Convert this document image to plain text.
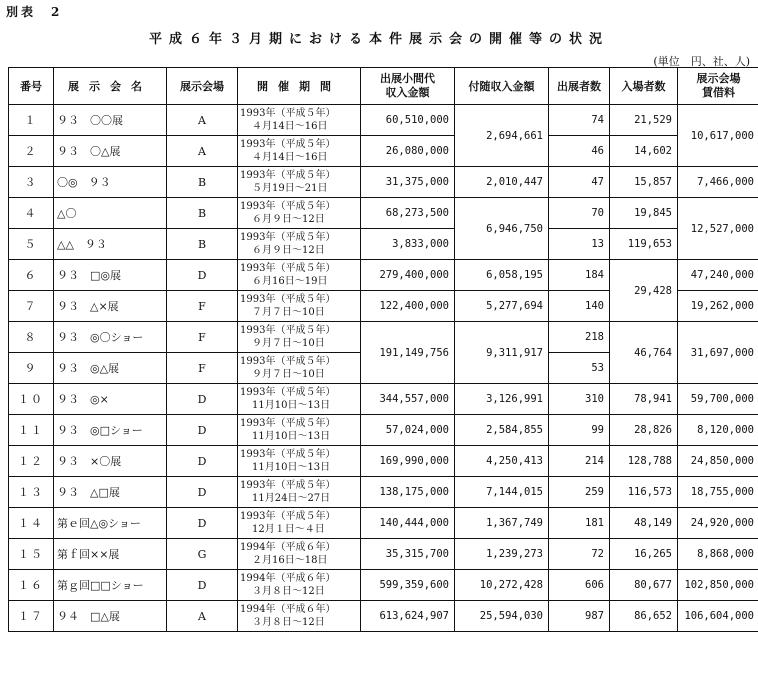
別表　2
平成６年３月期における本件展示会の開催等の状況
(単位　円、社、人)
番号	展示会名	展示会場	開催期間	出展小間代
収入金額	付随収入金額	出展者数	入場者数	展示会場
賃借料
１	９３　〇〇展	A	1993年（平成５年）
４月14日～16日	60,510,000	2,694,661	74	21,529	10,617,000
２	９３　〇△展	A	1993年（平成５年）
４月14日～16日	26,080,000		46	14,602	
３	〇◎　９３	B	1993年（平成５年）
５月19日～21日	31,375,000	2,010,447	47	15,857	7,466,000
４	△〇	B	1993年（平成５年）
６月９日～12日	68,273,500	6,946,750	70	19,845	12,527,000
５	△△　９３	B	1993年（平成５年）
６月９日～12日	3,833,000		13	119,653	
６	９３　□◎展	D	1993年（平成５年）
６月16日～19日	279,400,000	6,058,195	184	29,428	47,240,000
７	９３　△×展	F	1993年（平成５年）
７月７日～10日	122,400,000	5,277,694	140		19,262,000
８	９３　◎〇ショー	F	1993年（平成５年）
９月７日～10日	191,149,756	9,311,917	218	46,764	31,697,000
９	９３　◎△展	F	1993年（平成５年）
９月７日～10日			53		
１０	９３　◎×	D	1993年（平成５年）
11月10日～13日	344,557,000	3,126,991	310	78,941	59,700,000
１１	９３　◎□ショー	D	1993年（平成５年）
11月10日～13日	57,024,000	2,584,855	99	28,826	8,120,000
１２	９３　×〇展	D	1993年（平成５年）
11月10日～13日	169,990,000	4,250,413	214	128,788	24,850,000
１３	９３　△□展	D	1993年（平成５年）
11月24日～27日	138,175,000	7,144,015	259	116,573	18,755,000
１４	第ｅ回△◎ショー	D	1993年（平成５年）
12月１日～４日	140,444,000	1,367,749	181	48,149	24,920,000
１５	第ｆ回××展	G	1994年（平成６年）
２月16日～18日	35,315,700	1,239,273	72	16,265	8,868,000
１６	第ｇ回□□ショー	D	1994年（平成６年）
３月８日～12日	599,359,600	10,272,428	606	80,677	102,850,000
１７	９４　□△展	A	1994年（平成６年）
３月８日～12日	613,624,907	25,594,030	987	86,652	106,604,000
